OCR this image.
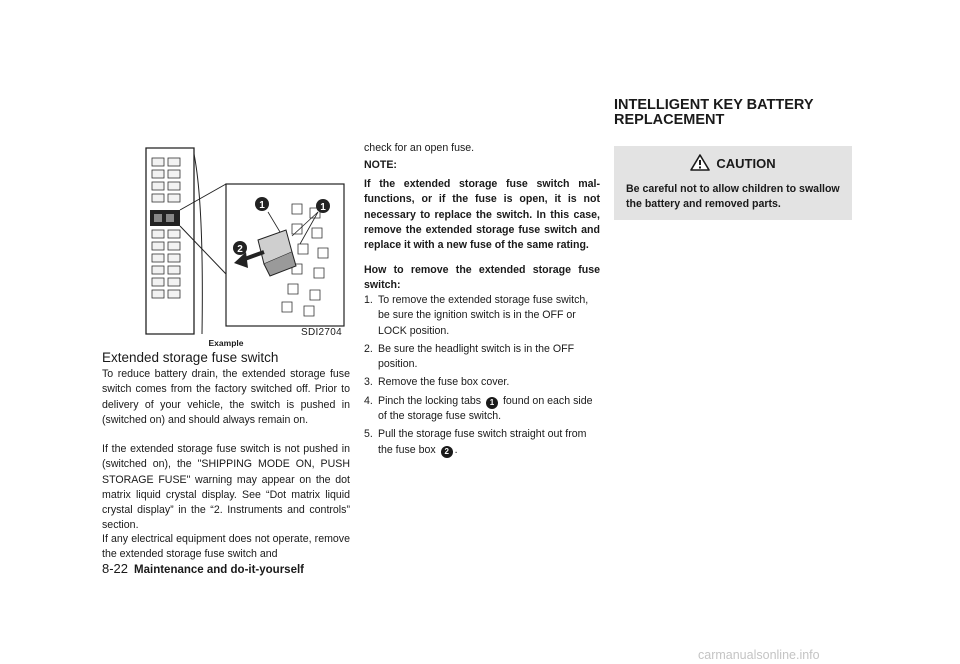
1	1
2
SDI2704
Example
Extended storage fuse switch

To reduce battery drain, the extended storage fuse switch comes from the factory switched off. Prior to delivery of your vehicle, the switch is pushed in (switched on) and should always remain on.

If the extended storage fuse switch is not pushed in (switched on), the "SHIPPING MODE ON, PUSH STORAGE FUSE" warning may appear on the dot matrix liquid crystal display. See “Dot matrix liquid crystal display” in the “2. Instruments and controls” section.

If any electrical equipment does not operate, remove the extended storage fuse switch and

check for an open fuse.

NOTE:

If the extended storage fuse switch mal-functions, or if the fuse is open, it is not necessary to replace the switch. In this case, remove the extended storage fuse switch and replace it with a new fuse of the same rating.

How to remove the extended storage fuse switch:

1. To remove the extended storage fuse switch, be sure the ignition switch is in the OFF or LOCK position.
2. Be sure the headlight switch is in the OFF position.
3. Remove the fuse box cover.
4. Pinch the locking tabs 1 found on each side of the storage fuse switch.
5. Pull the storage fuse switch straight out from the fuse box 2 .
INTELLIGENT KEY BATTERY REPLACEMENT
CAUTION
Be careful not to allow children to swallow the battery and removed parts.
8-22 Maintenance and do-it-yourself
carmanualsonline.info
